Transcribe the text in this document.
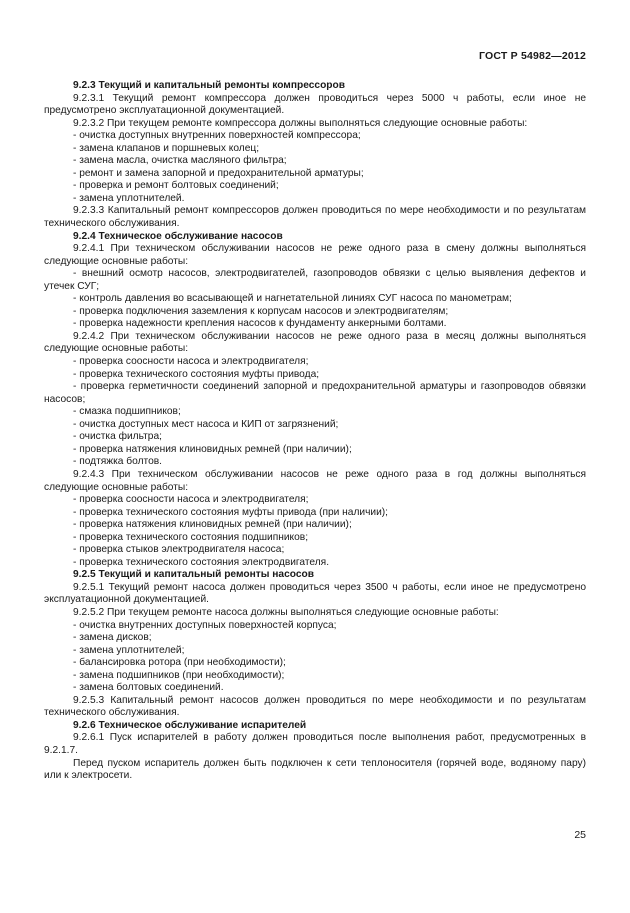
ГОСТ Р 54982—2012

9.2.3 Текущий и капитальный ремонты компрессоров

9.2.3.1 Текущий ремонт компрессора должен проводиться через 5000 ч работы, если иное не предусмотрено эксплуатационной документацией.

9.2.3.2 При текущем ремонте компрессора должны выполняться следующие основные работы:

- очистка доступных внутренних поверхностей компрессора;

- замена клапанов и поршневых колец;

- замена масла, очистка масляного фильтра;

- ремонт и замена запорной и предохранительной арматуры;

- проверка и ремонт болтовых соединений;

- замена уплотнителей.

9.2.3.3 Капитальный ремонт компрессоров должен проводиться по мере необходимости и по результатам технического обслуживания.

9.2.4 Техническое обслуживание насосов

9.2.4.1 При техническом обслуживании насосов не реже одного раза в смену должны выполняться следующие основные работы:

- внешний осмотр насосов, электродвигателей, газопроводов обвязки с целью выявления дефектов и утечек СУГ;

- контроль давления во всасывающей и нагнетательной линиях СУГ насоса по манометрам;

- проверка подключения заземления к корпусам насосов и электродвигателям;

- проверка надежности крепления насосов к фундаменту анкерными болтами.

9.2.4.2 При техническом обслуживании насосов не реже одного раза в месяц должны выполняться следующие основные работы:

- проверка соосности насоса и электродвигателя;

- проверка технического состояния муфты привода;

- проверка герметичности соединений запорной и предохранительной арматуры и газопроводов обвязки насосов;

- смазка подшипников;

- очистка доступных мест насоса и КИП от загрязнений;

- очистка фильтра;

- проверка натяжения клиновидных ремней (при наличии);

- подтяжка болтов.

9.2.4.3 При техническом обслуживании насосов не реже одного раза в год должны выполняться следующие основные работы:

- проверка соосности насоса и электродвигателя;

- проверка технического состояния муфты привода (при наличии);

- проверка натяжения клиновидных ремней (при наличии);

- проверка технического состояния подшипников;

- проверка стыков электродвигателя насоса;

- проверка технического состояния электродвигателя.

9.2.5 Текущий и капитальный ремонты насосов

9.2.5.1 Текущий ремонт насоса должен проводиться через 3500 ч работы, если иное не предусмотрено эксплуатационной документацией.

9.2.5.2 При текущем ремонте насоса должны выполняться следующие основные работы:

- очистка внутренних доступных поверхностей корпуса;

- замена дисков;

- замена уплотнителей;

- балансировка ротора (при необходимости);

- замена подшипников (при необходимости);

- замена болтовых соединений.

9.2.5.3 Капитальный ремонт насосов должен проводиться по мере необходимости и по результатам технического обслуживания.

9.2.6 Техническое обслуживание испарителей

9.2.6.1 Пуск испарителей в работу должен проводиться после выполнения работ, предусмотренных в 9.2.1.7.

Перед пуском испаритель должен быть подключен к сети теплоносителя (горячей воде, водяному пару) или к электросети.

25
